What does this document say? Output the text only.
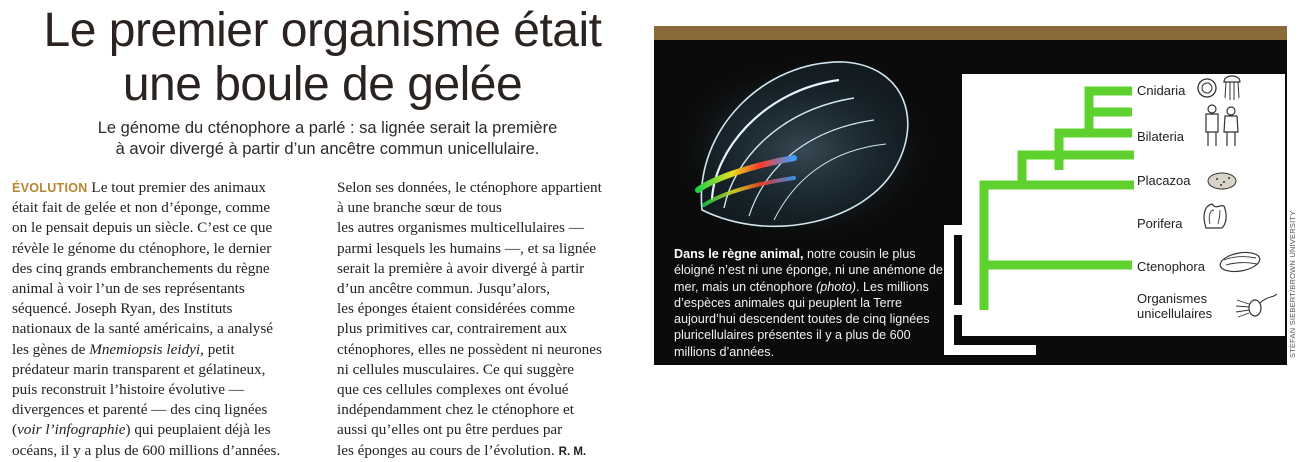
Le premier organisme était
une boule de gelée

Le génome du cténophore a parlé : sa lignée serait la première
à avoir divergé à partir d’un ancêtre commun unicellulaire.

ÉVOLUTION Le tout premier des animaux
était fait de gelée et non d’éponge, comme
on le pensait depuis un siècle. C’est ce que
révèle le génome du cténophore, le dernier
des cinq grands embranchements du règne
animal à voir l’un de ses représentants
séquencé. Joseph Ryan, des Instituts
nationaux de la santé américains, a analysé
les gènes de Mnemiopsis leidyi, petit
prédateur marin transparent et gélatineux,
puis reconstruit l’histoire évolutive —
divergences et parenté — des cinq lignées
(voir l’infographie) qui peuplaient déjà les
océans, il y a plus de 600 millions d’années.
Selon ses données, le cténophore appartient
à une branche sœur de tous
les autres organismes multicellulaires —
parmi lesquels les humains —, et sa lignée
serait la première à avoir divergé à partir
d’un ancêtre commun. Jusqu’alors,
les éponges étaient considérées comme
plus primitives car, contrairement aux
cténophores, elles ne possèdent ni neurones
ni cellules musculaires. Ce qui suggère
que ces cellules complexes ont évolué
indépendamment chez le cténophore et
aussi qu’elles ont pu être perdues par
les éponges au cours de l’évolution. R. M.
Cnidaria
Bilateria
Placazoa
Porifera
Ctenophora
Organismes
unicellulaires
Dans le règne animal, notre cousin le plus éloigné n’est ni une éponge, ni une anémone de mer, mais un cténophore (photo). Les millions d’espèces animales qui peuplent la Terre aujourd’hui descendent toutes de cinq lignées pluricellulaires présentes il y a plus de 600 millions d’années.	STEFAN SIEBERT/BROWN UNIVERSITY
